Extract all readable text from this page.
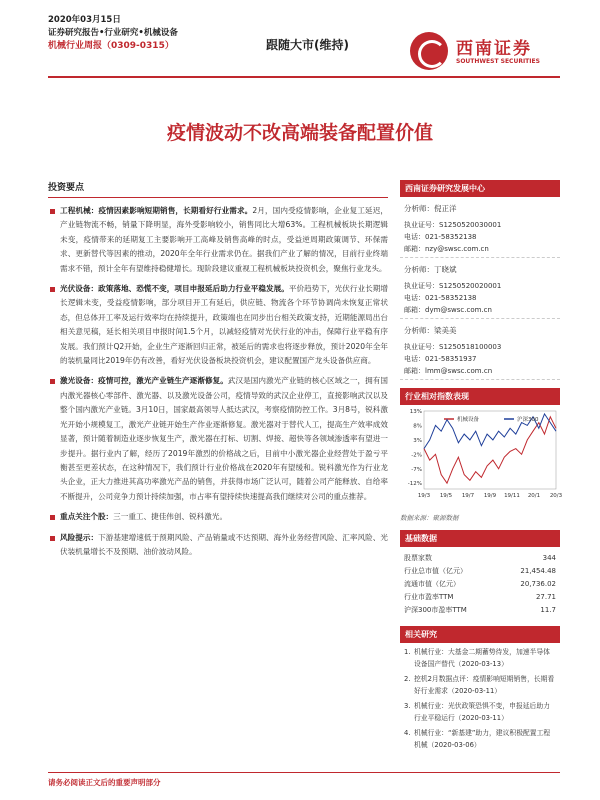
2020年03月15日
证券研究报告•行业研究•机械设备
机械行业周报（0309-0315）	跟随大市(维持)	西南证券
SOUTHWEST SECURITIES
疫情波动不改高端装备配置价值
投资要点
工程机械：疫情因素影响短期销售，长期看好行业需求。2月，国内受疫情影响，企业复工延迟，产业链物流不畅，销量下降明显，海外受影响较小，销售同比大增63%。工程机械板块长期逻辑未变，疫情带来的延期复工主要影响开工高峰及销售高峰的时点，受益逆周期政策调节、环保需求、更新替代等因素的推动，2020年全年行业需求仍在。据我们产业了解的情况，目前行业终端需求不错，预计全年有望维持稳健增长。现阶段建议重视工程机械板块投资机会，聚焦行业龙头。
光伏设备：政策落地、恐慌不变，项目申报延后助力行业平稳发展。平价趋势下，光伏行业长期增长逻辑未变，受益疫情影响，部分项目开工有延后，供应链、物流各个环节协调尚未恢复正常状态，但总体开工率及运行效率均在持续提升，政策端也在同步出台相关政策支持，近期能源局出台相关意见稿，延长相关项目申报时间1.5个月，以减轻疫情对光伏行业的冲击，保障行业平稳有序发展。我们预计Q2开始，企业生产逐渐回归正常，被延后的需求也将逐步释放，预计2020年全年的装机量同比2019年仍有改善，看好光伏设备板块投资机会，建议配置国产龙头设备供应商。
激光设备：疫情可控，激光产业链生产逐渐修复。武汉是国内激光产业链的核心区域之一，拥有国内激光器核心零部件、激光器、以及激光设备公司，疫情导致的武汉企业停工，直接影响武汉以及整个国内激光产业链。3月10日，国家最高领导人抵达武汉，考察疫情防控工作。3月8号，锐科激光开始小规模复工，激光产业链开始生产作业逐渐修复。激光器对于替代人工，提高生产效率成效显著，预计随着制造业逐步恢复生产，激光器在打标、切割、焊接、超快等各领域渗透率有望进一步提升。据行业内了解，经历了2019年激烈的价格战之后，目前中小激光器企业经营处于盈亏平衡甚至更差状态，在这种情况下，我们预计行业价格战在2020年有望缓和。锐科激光作为行业龙头企业，正大力推进其高功率激光产品的销售，并获得市场广泛认可，随着公司产能释放、自给率不断提升，公司竞争力预计持续加强，市占率有望持续快速提高我们继续对公司的重点推荐。
重点关注个股：三一重工、捷佳伟创、锐科激光。
风险提示：下游基建增速低于预期风险、产品销量或不达预期、海外业务经营风险、汇率风险、光伏装机量增长不及预期、油价波动风险。
西南证券研究发展中心
分析师：倪正洋
执业证号：S1250520030001
电话：021-58352138
邮箱：nzy@swsc.com.cn
分析师：丁晓斌
执业证号：S1250520020001
电话：021-58352138
邮箱：dym@swsc.com.cn
分析师：梁美美
执业证号：S1250518100003
电话：021-58351937
邮箱：lmm@swsc.com.cn
行业相对指数表现
13%
8%
3%
-2%
-7%
-12%
19/3 19/5 19/7 19/9 19/11 20/1 20/3
机械设备	沪深300
数据来源：聚源数据
基础数据
股票家数	344
行业总市值（亿元）	21,454.48
流通市值（亿元）	20,736.02
行业市盈率TTM	27.71
沪深300市盈率TTM	11.7
相关研究
1. 机械行业：大基金二期蓄势待发，加速半导体设备国产替代（2020-03-13）
2. 挖机2月数据点评：疫情影响短期销售，长期看好行业需求（2020-03-11）
3. 机械行业：光伏政策恐惧不变，申报延后助力行业平稳运行（2020-03-11）
4. 机械行业：“新基建”助力，建议积极配置工程机械（2020-03-06）
请务必阅读正文后的重要声明部分
